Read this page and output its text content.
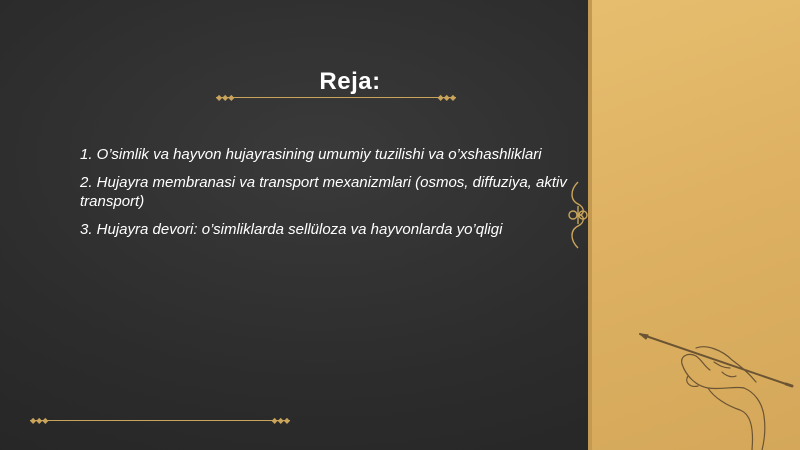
Reja:
◆◆◆	◆◆◆
1. O’simlik va hayvon hujayrasining umumiy tuzilishi va o’xshashliklari
2. Hujayra membranasi va transport mexanizmlari (osmos, diffuziya, aktiv transport)
3. Hujayra devori: o’simliklarda sellüloza va hayvonlarda yo’qligi
◆◆◆	◆◆◆
